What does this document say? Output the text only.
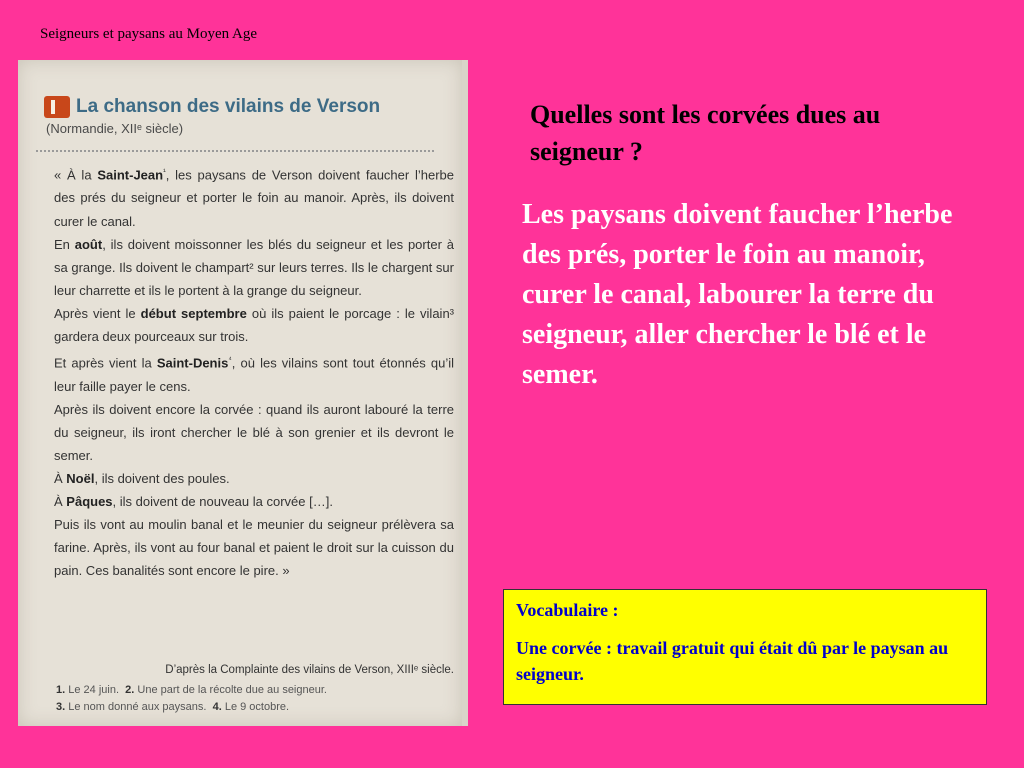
Seigneurs et paysans au Moyen Age
La chanson des vilains de Verson
(Normandie, XIIᵉ siècle)

« À la Saint-Jean$^{^1}$, les paysans de Verson doivent faucher l’herbe des prés du seigneur et porter le foin au manoir. Après, ils doivent curer le canal.

En août, ils doivent moissonner les blés du seigneur et les porter à sa grange. Ils doivent le champart² sur leurs terres. Ils le chargent sur leur charrette et ils le portent à la grange du seigneur.

Après vient le début septembre où ils paient le porcage : le vilain³ gardera deux pourceaux sur trois.

Et après vient la Saint-Denis$^{^4}$, où les vilains sont tout étonnés qu’il leur faille payer le cens.

Après ils doivent encore la corvée : quand ils auront labouré la terre du seigneur, ils iront chercher le blé à son grenier et ils devront le semer.

À Noël, ils doivent des poules.

À Pâques, ils doivent de nouveau la corvée […].

Puis ils vont au moulin banal et le meunier du seigneur prélèvera sa farine. Après, ils vont au four banal et paient le droit sur la cuisson du pain. Ces banalités sont encore le pire. »

D’après la Complainte des vilains de Verson, XIIIᵉ siècle.
1. Le 24 juin. 2. Une part de la récolte due au seigneur.
3. Le nom donné aux paysans. 4. Le 9 octobre.
Quelles sont les corvées dues au seigneur ?
Les paysans doivent faucher l’herbe des prés, porter le foin au manoir, curer le canal, labourer la terre du seigneur, aller chercher le blé et le semer.
Vocabulaire :
Une corvée : travail gratuit qui était dû par le paysan au seigneur.
